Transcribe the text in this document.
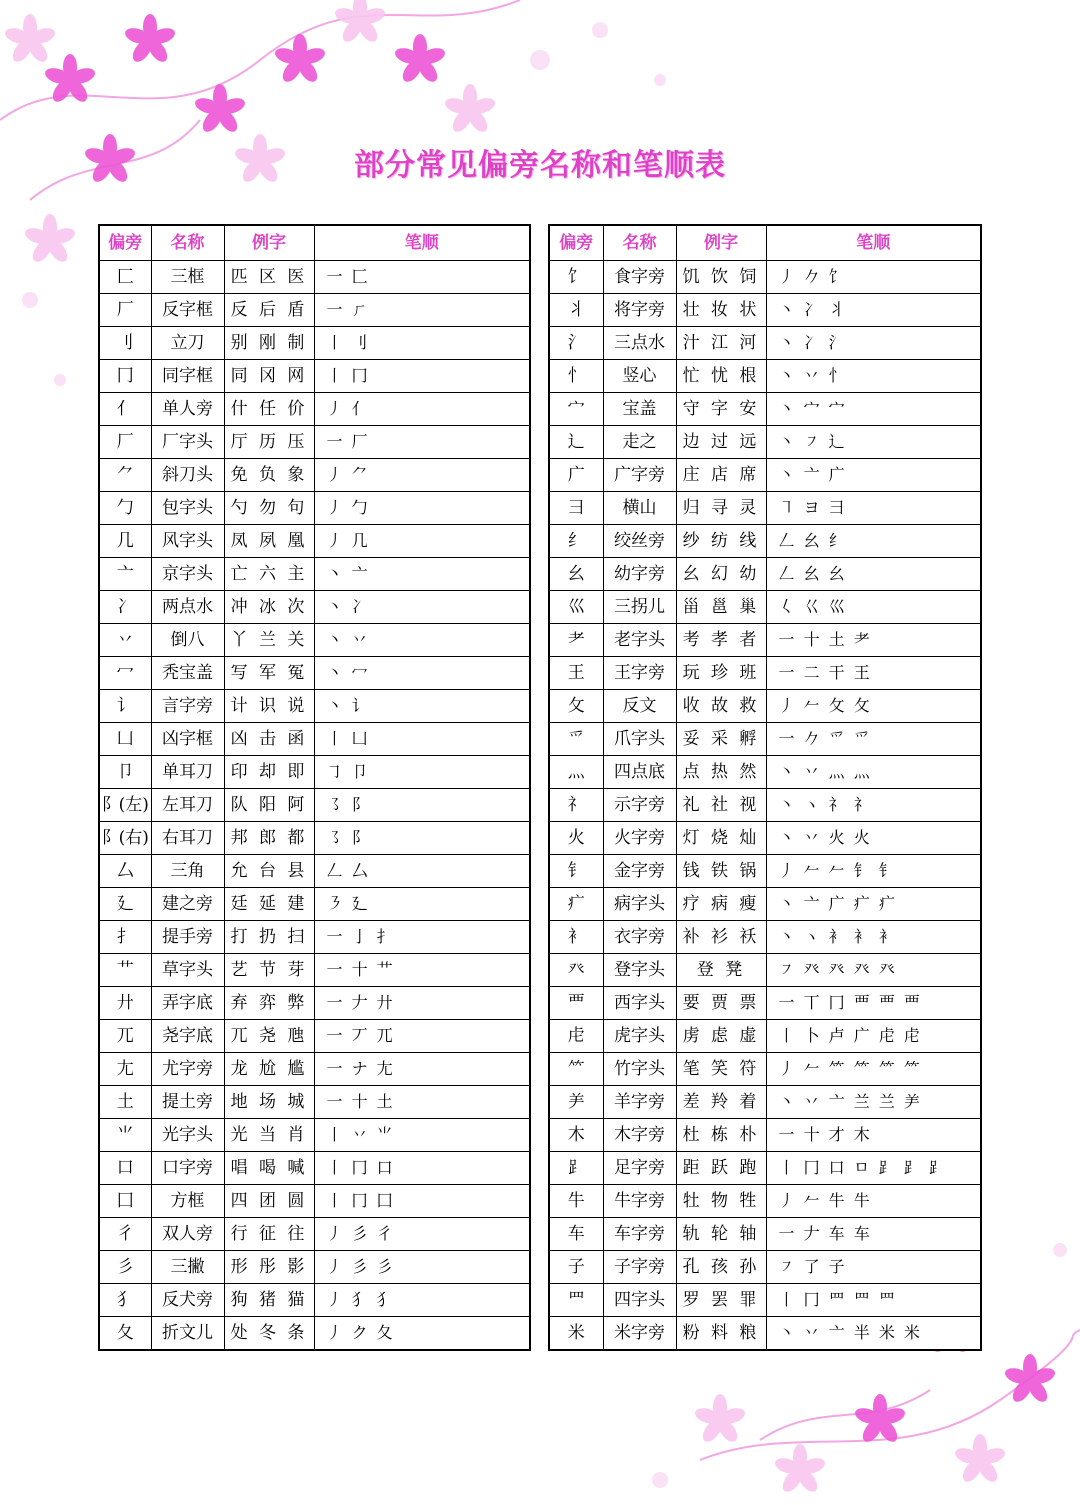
部分常见偏旁名称和笔顺表
偏旁	名称	例字	笔顺
匚	三框	匹 区 医	一 匚
厂	反字框	反 后 盾	一 ㄏ
刂	立刀	别 刚 制	丨 刂
冂	同字框	同 冈 网	丨 冂
亻	单人旁	什 任 价	丿 亻
厂	厂字头	厅 历 压	一 厂
⺈	斜刀头	免 负 象	丿 ⺈
勹	包字头	勺 勿 句	丿 勹
几	风字头	凤 夙 凰	丿 几
亠	京字头	亡 六 主	丶 亠
冫	两点水	冲 冰 次	丶 冫
丷	倒八	丫 兰 关	丶 丷
冖	秃宝盖	写 军 冤	丶 冖
讠	言字旁	计 识 说	丶 讠
凵	凶字框	凶 击 函	丨 凵
卩	单耳刀	印 却 即	㇆ 卩
阝(左)	左耳刀	队 阳 阿	㇌ 阝
阝(右)	右耳刀	邦 郎 都	㇌ 阝
厶	三角	允 台 县	𠃋 厶
廴	建之旁	廷 延 建	㇋ 廴
扌	提手旁	打 扔 扫	一 亅 扌
艹	草字头	艺 节 芽	一 十 艹
廾	弄字底	弃 弈 弊	一 𠂇 廾
兀	尧字底	兀 尧 虺	一 丆 兀
尢	尤字旁	龙 尬 尴	一 ナ 尢
土	提土旁	地 场 城	一 十 土
⺌	光字头	光 当 肖	丨 丷 ⺌
口	口字旁	唱 喝 喊	丨 冂 口
囗	方框	四 团 圆	丨 冂 囗
彳	双人旁	行 征 往	丿 彡 彳
彡	三撇	形 彤 影	丿 彡 彡
犭	反犬旁	狗 猪 猫	丿 犭 犭
夂	折文儿	处 冬 条	丿 ク 夂
偏旁	名称	例字	笔顺
饣	食字旁	饥 饮 饲	丿 𠂊 饣
丬	将字旁	壮 妆 状	丶 冫 丬
氵	三点水	汁 江 河	丶 冫 氵
忄	竖心	忙 忧 根	丶 丷 忄
宀	宝盖	守 字 安	丶 宀 宀
辶	走之	边 过 远	丶 ㇇ 辶
广	广字旁	庄 店 席	丶 亠 广
彐	横山	归 寻 灵	㇕ ヨ 彐
纟	绞丝旁	纱 纺 线	𠃋 幺 纟
幺	幼字旁	幺 幻 幼	𠃋 幺 幺
巛	三拐儿	甾 邕 巢	𡿨 巜 巛
耂	老字头	考 孝 者	一 十 土 耂
王	王字旁	玩 珍 班	一 二 干 王
攵	反文	收 故 救	丿 𠂉 攵 攵
爫	爪字头	妥 采 孵	一 𠂊 爫 爫
灬	四点底	点 热 然	丶 丷 灬 灬
礻	示字旁	礼 社 视	丶 ヽ 礻 礻
火	火字旁	灯 烧 灿	丶 丷 火 火
钅	金字旁	钱 铁 锅	丿 𠂉 𠂉 钅 钅
疒	病字头	疗 病 瘦	丶 亠 广 疒 疒
衤	衣字旁	补 衫 袄	丶 ヽ 衤 衤 衤
癶	登字头	登 凳	㇇ 癶 癶 癶 癶
覀	西字头	要 贾 票	一 丅 冂 覀 覀 覀
虍	虎字头	虏 虑 虚	丨 卜 卢 广 虍 虍
⺮	竹字头	笔 笑 符	丿 𠂉 ⺮ ⺮ ⺮ ⺮
⺶	羊字旁	差 羚 着	丶 丷 亠 兰 兰 ⺶
木	木字旁	杜 栋 朴	一 十 才 木
⻊	足字旁	距 跃 跑	丨 冂 口 ㅁ ⻊ ⻊ ⻊
牛	牛字旁	牡 物 牲	丿 𠂉 牛 牛
车	车字旁	轨 轮 轴	一 𠂇 车 车
子	子字旁	孔 孩 孙	㇇ 了 子
罒	四字头	罗 罢 罪	丨 冂 罒 罒 罒
米	米字旁	粉 料 粮	丶 丷 亠 半 米 米
